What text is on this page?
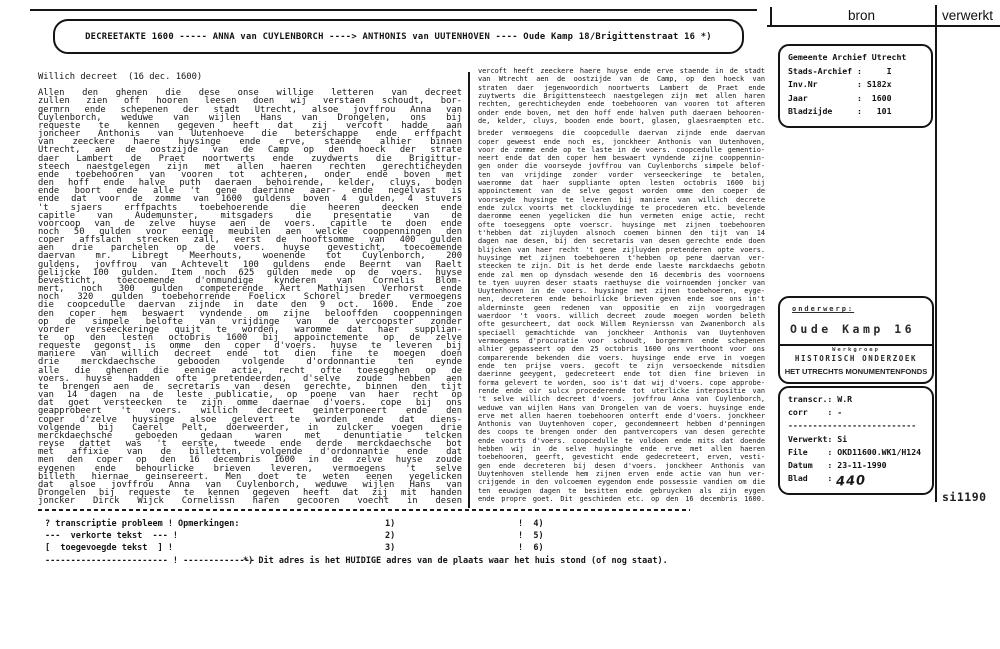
bron	verwerkt
DECREETAKTE 1600 ----- ANNA van CUYLENBORCH ----> ANTHONIS van UUTENHOVEN ---- Oude Kamp 18/Brigittenstraat 16 *)
Gemeente Archief Utrecht
Stads-Archief :     I
Inv.Nr        : S182x
Jaar          :  1600
Bladzijde     :   101
onderwerp:
Oude Kamp 16
Werkgroep
HISTORISCH ONDERZOEK
HET UTRECHTS MONUMENTENFONDS
transcr.: W.R
corr    : -
--------------------------
Verwerkt: Si
File    : OKD11600.WK1/H124
Datum   : 23-11-1990
Blad    : 440
si1190
Willich decreet  (16 dec. 1600)

Allen den ghenen die dese onse willige letteren van decreet
zullen zien off hooren leesen doen wij verstaen schoudt, bor-
germrn ende schepenen der stadt Utrecht, alsoe jovffrou Anna van
Cuylenborch, weduwe van wijlen Hans van Drongelen, ons bij
requeste te kennen gegeven heeft dat zij vercoft hadde aan
joncheer Anthonis van Uutenhoeve die beterschappe ende erffpacht
van zeeckere haere huysinge ende erve, staende alhier binnen
Utrecht, aen de oostzijde van de Camp op den hoeck der strate
daer Lambert de Praet noortwerts ende zuydwerts die Brigittur-
steech naestgelegen zijn met allen haeren rechten gerechticheyden
ende toebehooren van vooren tot achteren, onder ende boven met
den hoff ende halve puth daeraen behoirende, kelder, cluys, boden
ende boort ende alle 't gene daerinne aaer- ende negelvast is
ende dat voor de zomme van 1600 guldens boven 4 gulden, 4 stuvers
't sjaers erffpachts toebehoerende die heeren deecken ende
capitle van Audemunster, mitsgaders die presentatie van de
voorcoop van de zelve huyse aen de voers. capitle te doen ende
noch 50 gulden voor eenige meubilen aen welcke cooppenningen den
coper affslach strecken zall, eerst de hooftsomme van 400 gulden
aen drie parchelen op de voers. huyse gevesticht, toecoemende
daervan mr. Libregt Meerhouts, woenende tot Cuylenborch, 200
guldens, jovffrou van Achtevelt 100 guldens ende Beernt van Raelt
gelijcke 100 gulden. Item noch 625 gulden mede op de voers. huyse
bevesticht, toecoemende d'onmundige kynderen van Cornelis Blom-
mert, noch 300 gulden competerende Aert Mathijsen Verhorst ende
noch 320 gulden toebehorrende Foelicx Schorel breder vermoegens
die coopcedulle daervan zijnde in date den 9 oct. 1600. Ende zoe
den coper hem beswaert vyndende om zijne belooffden cooppenningen
op de simpele belofte van vrijdinge van de vercoopster zonder
vorder verseeckeringe quijt te worden, waromme dat haer supplian-
te op den lesten octobris 1600 bij appoinctemente op de zelve
requeste gegonst is omme den coper d'voers. huyse te leveren bij
maniere van willich decreet ende tot dien fine te moegen doen
drie merckdaechsche gebooden volgende d'ordonnantie ten eynde
alle die ghenen die eenige actie, recht ofte toesegghen op de
voers. huyse hadden ofte pretendeerden, d'selve zoude hebben aen
te brengen aen de secretaris van desen gerechte, binnen den tijt
van 14 dagen na de leste publicatie, op poene van haer recht op
dat goet versteecken te zijn omme daernae d'voers. cope bij ons
geapprobeert 't voers. willich decreet geinterponeert ende den
coper d'zelve huysinge alsoe gelevert te worden ende dat diens-
volgende bij Caerel Pelt, doerweerder, in zulcker voegen drie
merckdaechsche geboeden gedaan waren met denuntiatie telcken
reyse dattet was 't eerste, tweede ende derde merckdaechsche bot
met affixie van de billetten, volgende d'ordonnantie ende dat
men den coper op den 16 decembris 1600 in de zelve huyse zoude
eygenen ende behourlicke brieven leveren, vermoegens 't selve
billeth hiernae geinsereert. Men doet te weten eenen yegelicken
dat alsoe jovffrou Anna van Cuylenborch, weduwe wijlen Hans van
Drongelen bij requeste te kennen gegeven heeft dat zij mit handen
joncker Dirck Wijck Cornelissn haren gecooren voecht in desen
vercoft heeft zeeckere haere huyse ende erve staende in de stadt
van Wtrecht aen de oostzijde van de Camp, op den hoeck van
straten daer jegenwoordich noortwerts Lambert de Praet ende
zuytwerts die Brigittensteech naestgelegen zijn met allen haren
rechten, gerechticheyden ende toebehooren van vooren tot afteren
onder ende boven, met den hoff ende halven puth daeraen behooren-
de, kelder, cluys, booden ende boort, glasen, glaesraempten etc.
breder vermoegens die coopcedulle daervan zijnde ende daervan
coper geweest ende noch es, jonckheer Anthonis van Uutenhoven,
voor de zomme ende op te laste in de voers. coopcedulle gementio-
neert ende dat den coper hem beswaert vyndende zijne cooppennin-
gen onder die voorseyde jovffrou van Cuylenborchs simpele belof-
ten van vrijdinge zonder vorder verseeckeringe te betalen,
waeromme dat haer suppliante opten lesten octobris 1600 bij
appoinctement van de selve gegost worden omme den coeper de
voorseyde huysinge te leveren bij maniere van willich decrete
ende zulcx voorts met clockluydinge te procederen etc. bevelende
daeromme eenen yegelicken die hun vermeten enige actie, recht
ofte toeseggens opte voerscr. huysinge met zijnen toebehooren
t'hebben dat zijluyden alsnoch coemen binnen den tijt van 14
dagen nae desen, bij den secretaris van desen gerechte ende doen
blijcken van haer recht 't gene zijluyden pretenderen opte voers.
huysinge met zijnen toebehoeren t'hebben op pene daervan ver-
steecken te zijn. Dit is het derde ende laeste marckdaechs gebotn
ende zal men op dynsdach wesende den 16 decembris des voornoens
te tyen uuyren deser staats raethuyse die voirnoemden joncker van
Uuytenhoven in de voers. huysinge met zijnen toebehoeren, eyge-
nen, decreteren ende behoirlicke brieven geven ende soe ons in't
alderminste geen redenen van oppositie en zijn voorgedragen
waerdoor 't voors. willich decreet zoude moegen worden beleth
ofte gesurcheert, dat oock Willem Reynierssn van Zwanenborch als
speciaell gemachtichde van jonckheer Anthonis van Uuytenhoven
vermoegens d'procuratie voor schoudt, borgermrn ende schepenen
alhier gepasseert op den 25 octobris 1600 ons verthoont voor ons
comparerende bekenden die voers. huysinge ende erve in voegen
ende ten prijse voers. gecoft te zijn versoeckende mitsdien
daerinne geeygent, gedecreteert ende tot dien fine brieven in
forma gelevert te worden, soo is't dat wij d'voers. cope approbe-
rende ende oir sulcx procederende tot uterlicke interpositie van
't selve willich decreet d'voers. jovffrou Anna van Cuylenborch,
weduwe van wijlen Hans van Drongelen van de voers. huysinge ende
erve met allen haeren toebehooren onterft ende d'voers. jonckheer
Anthonis van Uuytenhoven coper, gecondemneert hebben d'penningen
des coops te brengen onder den pantvercopers van desen gerechte
ende voorts d'voers. coopcedulle te voldoen ende mits dat doende
hebben wij in de selve huysinghe ende erve met allen haeren
toebehooren, geerft, gevesticht ende gedecreteert, erven, vesti-
gen ende decreteren bij desen d'voers. jonckheer Anthonis van
Uuytenhoven stellende hem zijnen erven ende actie van hun ver-
crijgende in den volcoemen eygendom ende possessie vandien om die
ten eeuwigen dagen te besitten ende gebruycken als zijn eygen
ende propre goet. Dit geschieden etc. op den 16 decembris 1600.
? transcriptie probleem ! Opmerkingen:	1)	!  4)
---  verkorte tekst  --- !	2)	!  5)
[  toegevoegde tekst  ] !	3)	!  6)
------------------------ ! --------------
*) Dit adres is het HUIDIGE adres van de plaats waar het huis stond (of nog staat).
